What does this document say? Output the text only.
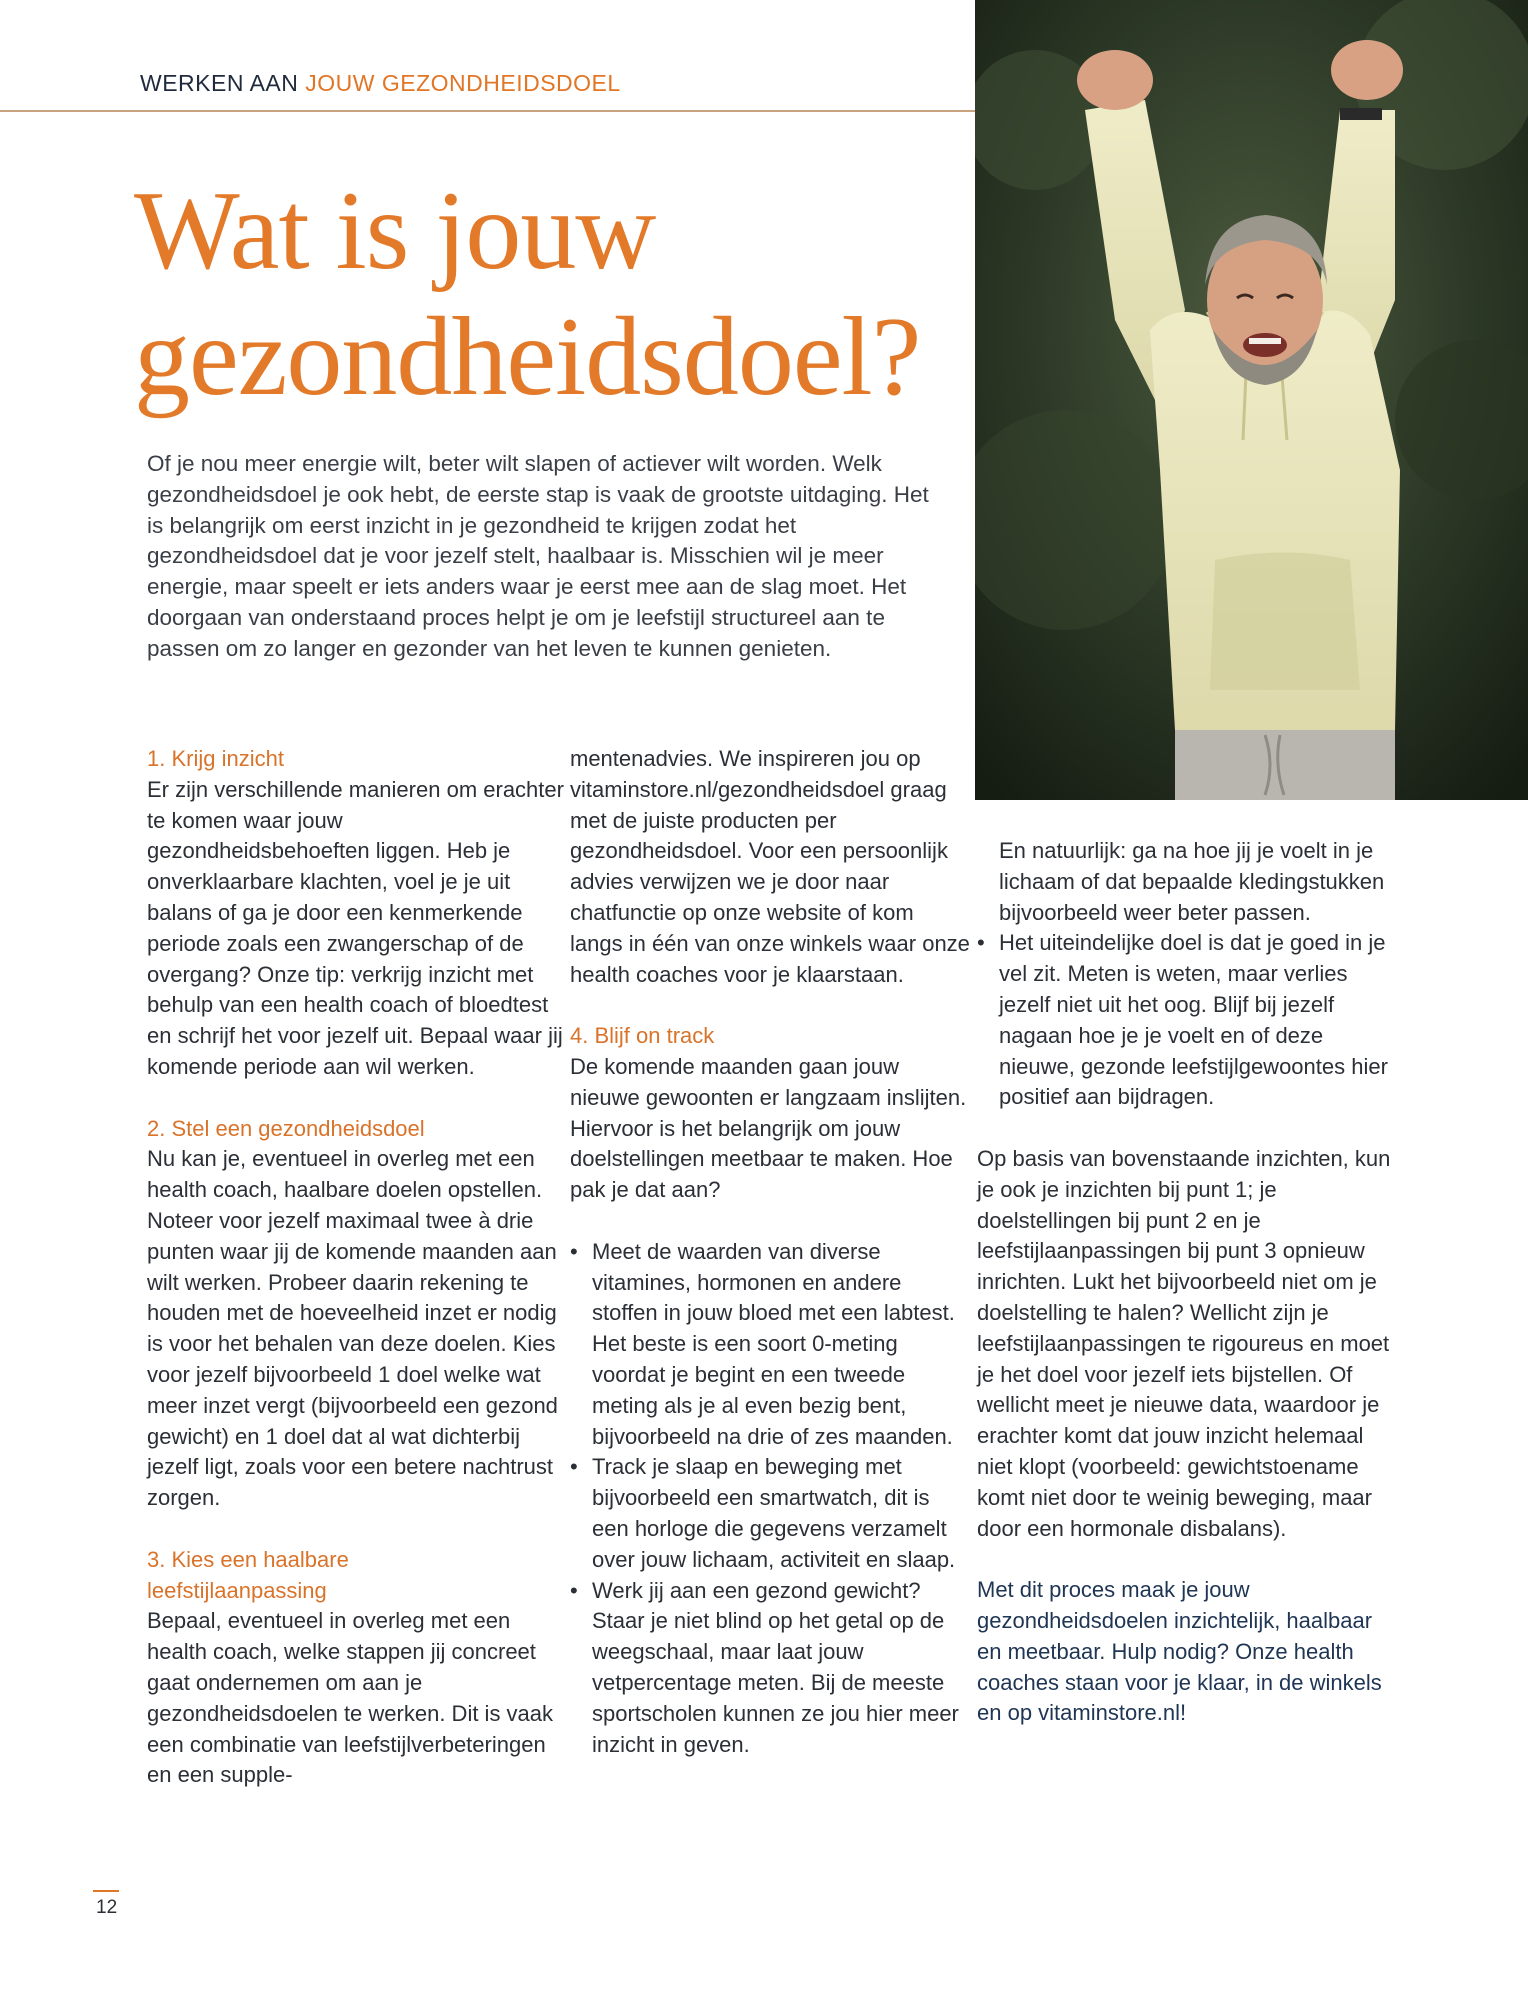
WERKEN AAN JOUW GEZONDHEIDSDOEL
Wat is jouw
gezondheidsdoel?

Of je nou meer energie wilt, beter wilt slapen of actiever wilt worden. Welk gezondheidsdoel je ook hebt, de eerste stap is vaak de grootste uitdaging. Het is belangrijk om eerst inzicht in je gezondheid te krijgen zodat het gezondheidsdoel dat je voor jezelf stelt, haalbaar is. Misschien wil je meer energie, maar speelt er iets anders waar je eerst mee aan de slag moet. Het doorgaan van onderstaand proces helpt je om je leefstijl structureel aan te passen om zo langer en gezonder van het leven te kunnen genieten.

1. Krijg inzicht

Er zijn verschillende manieren om erachter te komen waar jouw gezondheidsbehoeften liggen. Heb je onverklaarbare klachten, voel je je uit balans of ga je door een kenmerkende periode zoals een zwangerschap of de overgang? Onze tip: verkrijg inzicht met behulp van een health coach of bloedtest en schrijf het voor jezelf uit. Bepaal waar jij komende periode aan wil werken.

2. Stel een gezondheidsdoel

Nu kan je, eventueel in overleg met een health coach, haalbare doelen opstellen. Noteer voor jezelf maximaal twee à drie punten waar jij de komende maanden aan wilt werken. Probeer daarin rekening te houden met de hoeveelheid inzet er nodig is voor het behalen van deze doelen. Kies voor jezelf bijvoorbeeld 1 doel welke wat meer inzet vergt (bijvoorbeeld een gezond gewicht) en 1 doel dat al wat dichterbij jezelf ligt, zoals voor een betere nachtrust zorgen.

3. Kies een haalbare

leefstijlaanpassing

Bepaal, eventueel in overleg met een health coach, welke stappen jij concreet gaat ondernemen om aan je gezondheidsdoelen te werken. Dit is vaak een combinatie van leefstijlverbeteringen en een supple-

mentenadvies. We inspireren jou op vitaminstore.nl/gezondheidsdoel graag met de juiste producten per gezondheidsdoel. Voor een persoonlijk advies verwijzen we je door naar chatfunctie op onze website of kom langs in één van onze winkels waar onze health coaches voor je klaarstaan.

4. Blijf on track

De komende maanden gaan jouw nieuwe gewoonten er langzaam inslijten. Hiervoor is het belangrijk om jouw doelstellingen meetbaar te maken. Hoe pak je dat aan?

• Meet de waarden van diverse vitamines, hormonen en andere stoffen in jouw bloed met een labtest. Het beste is een soort 0-meting voordat je begint en een tweede meting als je al even bezig bent, bijvoorbeeld na drie of zes maanden.
• Track je slaap en beweging met bijvoorbeeld een smartwatch, dit is een horloge die gegevens verzamelt over jouw lichaam, activiteit en slaap.
• Werk jij aan een gezond gewicht? Staar je niet blind op het getal op de weegschaal, maar laat jouw vetpercentage meten. Bij de meeste sportscholen kunnen ze jou hier meer inzicht in geven.

En natuurlijk: ga na hoe jij je voelt in je lichaam of dat bepaalde kledingstukken bijvoorbeeld weer beter passen.

• Het uiteindelijke doel is dat je goed in je vel zit. Meten is weten, maar verlies jezelf niet uit het oog. Blijf bij jezelf nagaan hoe je je voelt en of deze nieuwe, gezonde leefstijlgewoontes hier positief aan bijdragen.

Op basis van bovenstaande inzichten, kun je ook je inzichten bij punt 1; je doelstellingen bij punt 2 en je leefstijlaanpassingen bij punt 3 opnieuw inrichten. Lukt het bijvoorbeeld niet om je doelstelling te halen? Wellicht zijn je leefstijlaanpassingen te rigoureus en moet je het doel voor jezelf iets bijstellen. Of wellicht meet je nieuwe data, waardoor je erachter komt dat jouw inzicht helemaal niet klopt (voorbeeld: gewichtstoename komt niet door te weinig beweging, maar door een hormonale disbalans).

Met dit proces maak je jouw gezondheidsdoelen inzichtelijk, haalbaar en meetbaar. Hulp nodig? Onze health coaches staan voor je klaar, in de winkels en op vitaminstore.nl!

12
